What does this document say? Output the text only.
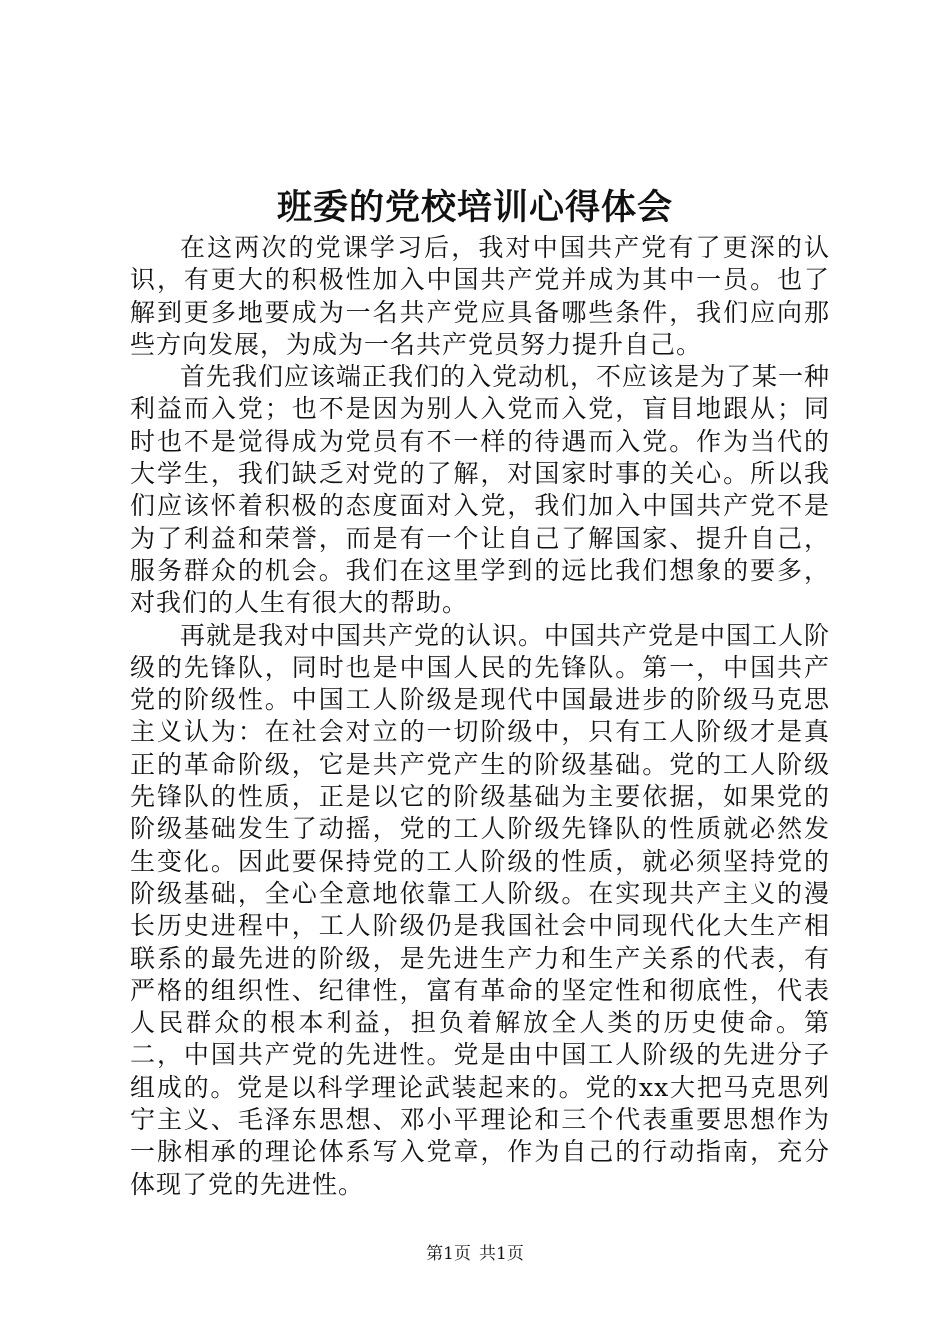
班委的党校培训心得体会

在这两次的党课学习后，我对中国共产党有了更深的认识，有更大的积极性加入中国共产党并成为其中一员。也了解到更多地要成为一名共产党应具备哪些条件，我们应向那些方向发展，为成为一名共产党员努力提升自己。

首先我们应该端正我们的入党动机，不应该是为了某一种利益而入党；也不是因为别人入党而入党，盲目地跟从；同时也不是觉得成为党员有不一样的待遇而入党。作为当代的大学生，我们缺乏对党的了解，对国家时事的关心。所以我们应该怀着积极的态度面对入党，我们加入中国共产党不是为了利益和荣誉，而是有一个让自己了解国家、提升自己，服务群众的机会。我们在这里学到的远比我们想象的要多，对我们的人生有很大的帮助。

再就是我对中国共产党的认识。中国共产党是中国工人阶级的先锋队，同时也是中国人民的先锋队。第一，中国共产党的阶级性。中国工人阶级是现代中国最进步的阶级马克思主义认为：在社会对立的一切阶级中，只有工人阶级才是真正的革命阶级，它是共产党产生的阶级基础。党的工人阶级先锋队的性质，正是以它的阶级基础为主要依据，如果党的阶级基础发生了动摇，党的工人阶级先锋队的性质就必然发生变化。因此要保持党的工人阶级的性质，就必须坚持党的阶级基础，全心全意地依靠工人阶级。在实现共产主义的漫长历史进程中，工人阶级仍是我国社会中同现代化大生产相联系的最先进的阶级，是先进生产力和生产关系的代表，有严格的组织性、纪律性，富有革命的坚定性和彻底性，代表人民群众的根本利益，担负着解放全人类的历史使命。第二，中国共产党的先进性。党是由中国工人阶级的先进分子组成的。党是以科学理论武装起来的。党的xx大把马克思列宁主义、毛泽东思想、邓小平理论和三个代表重要思想作为一脉相承的理论体系写入党章，作为自己的行动指南，充分体现了党的先进性。

第1页 共1页
